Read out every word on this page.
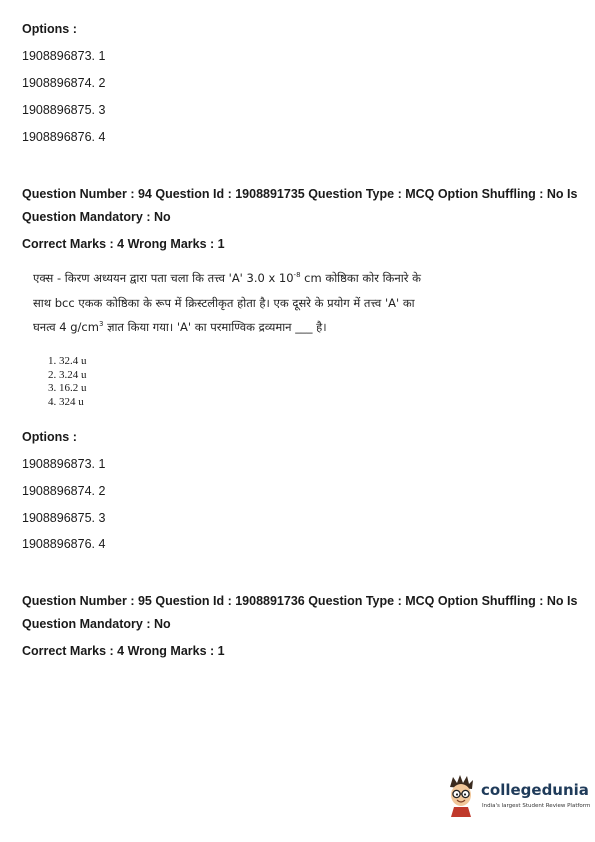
Options :
1908896873. 1
1908896874. 2
1908896875. 3
1908896876. 4
Question Number : 94 Question Id : 1908891735 Question Type : MCQ Option Shuffling : No Is
Question Mandatory : No
Correct Marks : 4 Wrong Marks : 1
एक्स - किरण अध्ययन द्वारा पता चला कि तत्त्व 'A' 3.0 x $10^{-8}$ cm कोष्ठिका कोर किनारे के
साथ bcc एकक कोष्ठिका के रूप में क्रिस्टलीकृत होता है। एक दूसरे के प्रयोग में तत्त्व 'A' का
घनत्व 4 $g/cm^3$ ज्ञात किया गया। 'A' का परमाण्विक द्रव्यमान ___ है।
1. 32.4 u
2. 3.24 u
3. 16.2 u
4. 324 u
Options :
1908896873. 1
1908896874. 2
1908896875. 3
1908896876. 4
Question Number : 95 Question Id : 1908891736 Question Type : MCQ Option Shuffling : No Is
Question Mandatory : No
Correct Marks : 4 Wrong Marks : 1
collegedunia
India's largest Student Review Platform
